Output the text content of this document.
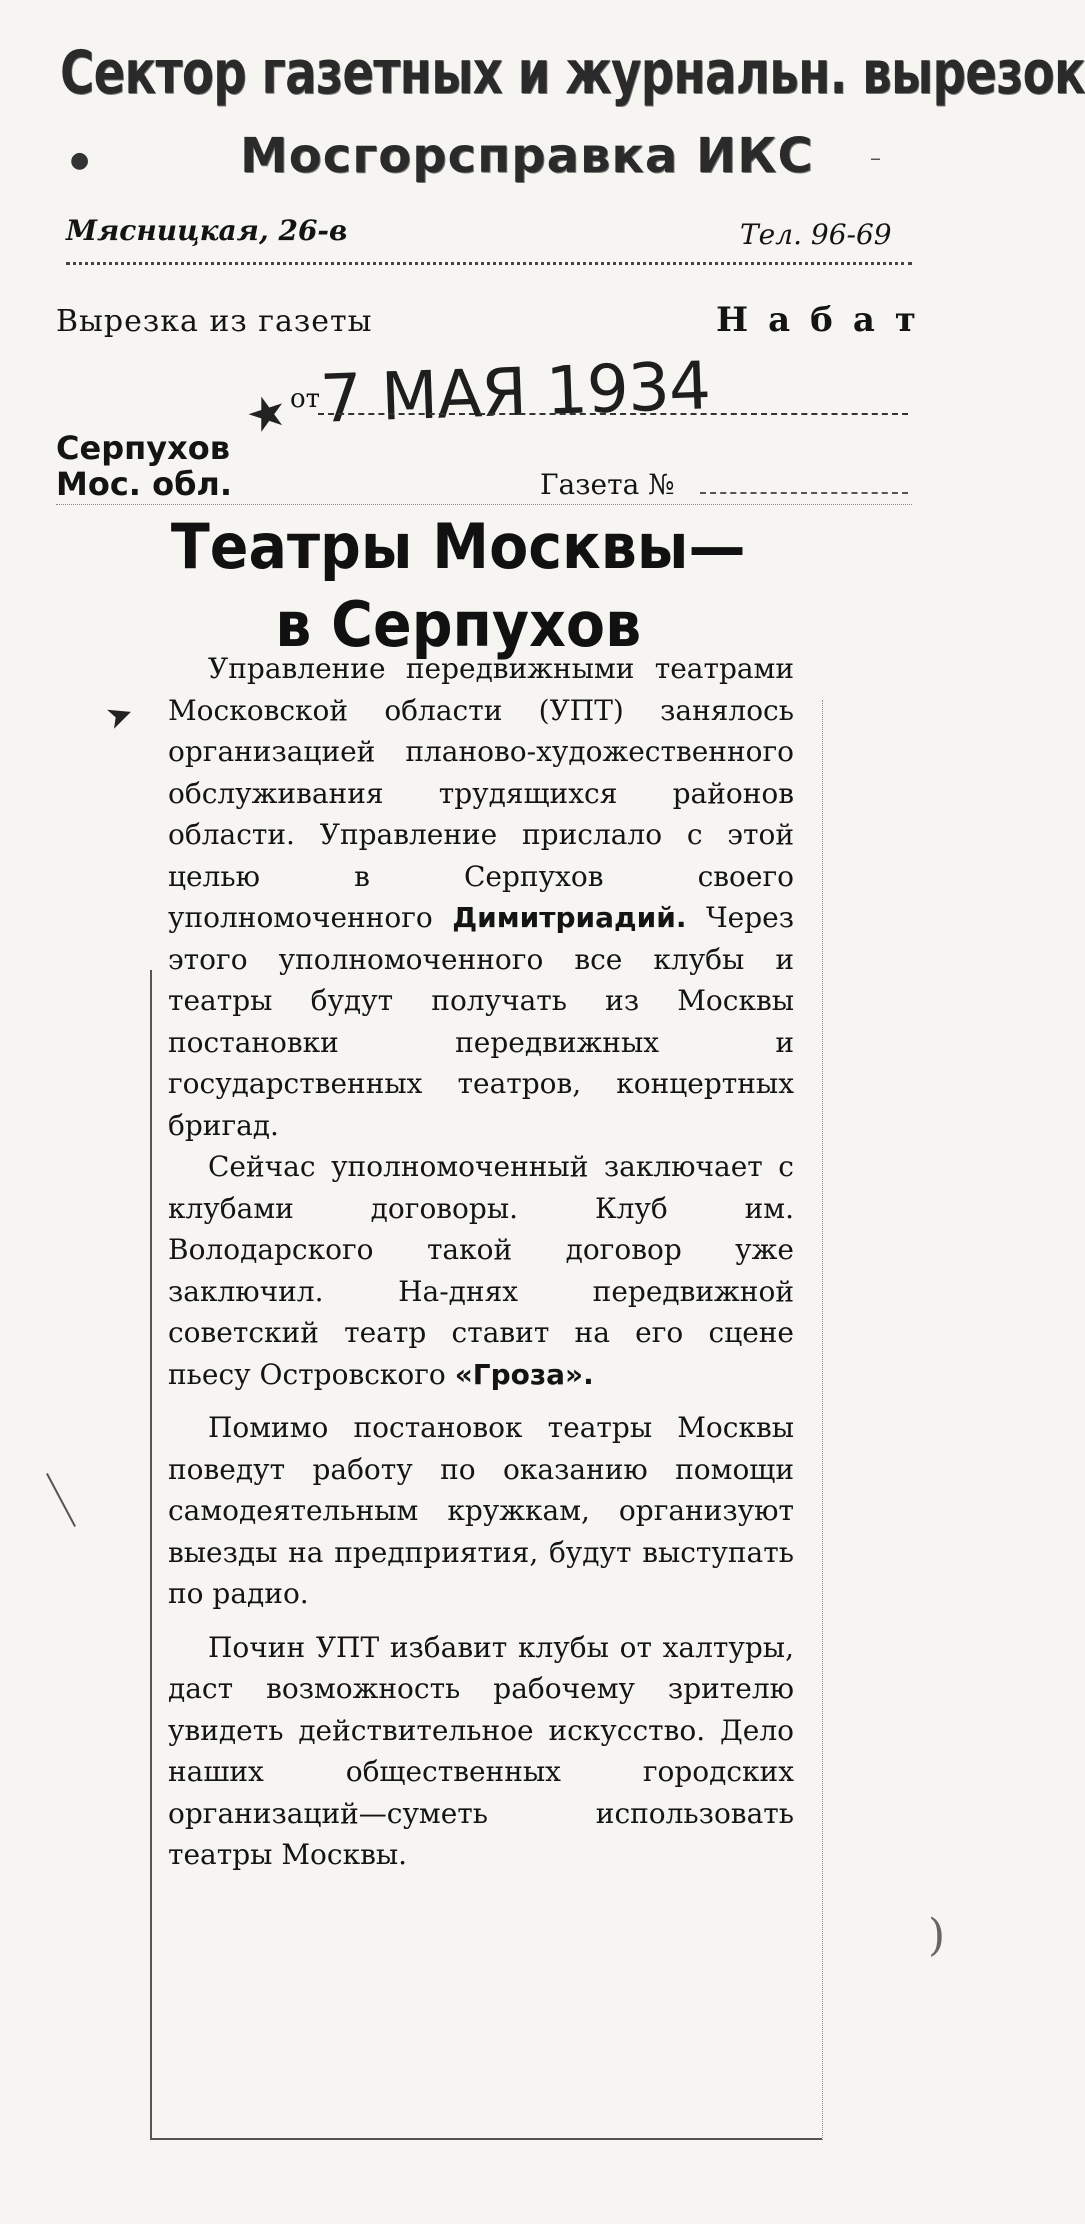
Сектор газетных и журнальн. вырезок
●	Мосгорсправка ИКС	–
Мясницкая, 26-в	Тел. 96-69
Вырезка из газеты	Набат
★
от
7 МАЯ 1934
Серпухов
Мос. обл.	Газета №
Театры Москвы—
в Серпухов
➤

Управление передвижными театрами Московской области (УПТ) занялось организацией планово-художественного обслуживания трудящихся районов области. Управление прислало с этой целью в Серпухов своего уполномоченного Димитриадий. Через этого уполномоченного все клубы и театры будут получать из Москвы постановки передвижных и государственных театров, концертных бригад.

Сейчас уполномоченный заключает с клубами договоры. Клуб им. Володарского такой договор уже заключил. На-днях передвижной советский театр ставит на его сцене пьесу Островского «Гроза».

Помимо постановок театры Москвы поведут работу по оказанию помощи самодеятельным кружкам, организуют выезды на предприятия, будут выступать по радио.

Почин УПТ избавит клубы от халтуры, даст возможность рабочему зрителю увидеть действительное искусство. Дело наших общественных городских организаций—суметь использовать театры Москвы.

)
